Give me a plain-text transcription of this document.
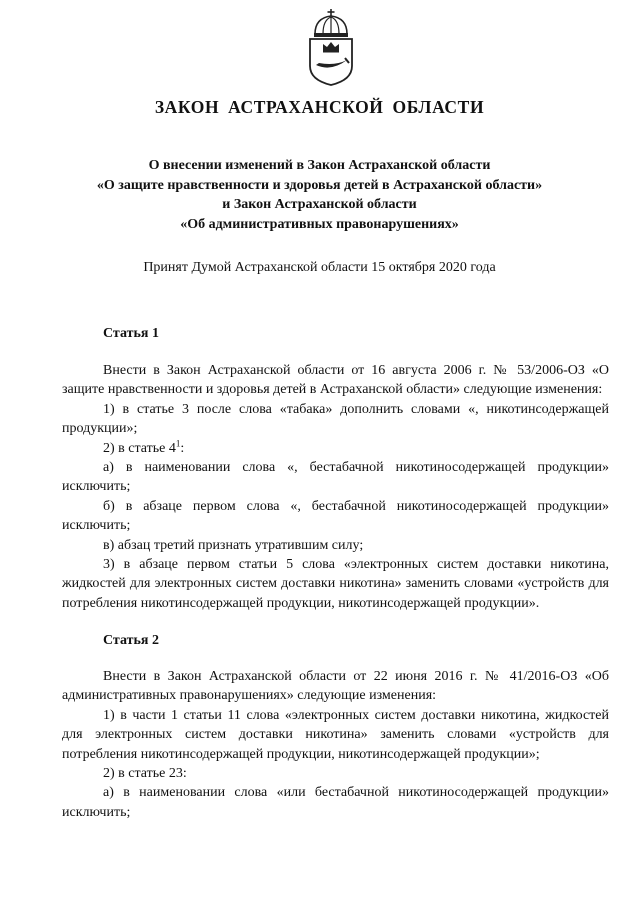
ЗАКОН АСТРАХАНСКОЙ ОБЛАСТИ
О внесении изменений в Закон Астраханской области
«О защите нравственности и здоровья детей в Астраханской области»
и Закон Астраханской области
«Об административных правонарушениях»
Принят Думой Астраханской области 15 октября 2020 года
Статья 1

Внести в Закон Астраханской области от 16 августа 2006 г. № 53/2006-ОЗ «О защите нравственности и здоровья детей в Астраханской области» следующие изменения:

1) в статье 3 после слова «табака» дополнить словами «, никотинсодержащей продукции»;

2) в статье $4^1$:

а) в наименовании слова «, бестабачной никотиносодержащей продукции» исключить;

б) в абзаце первом слова «, бестабачной никотиносодержащей продукции» исключить;

в) абзац третий признать утратившим силу;

3) в абзаце первом статьи 5 слова «электронных систем доставки никотина, жидкостей для электронных систем доставки никотина» заменить словами «устройств для потребления никотинсодержащей продукции, никотинсодержащей продукции».

Статья 2

Внести в Закон Астраханской области от 22 июня 2016 г. № 41/2016-ОЗ «Об административных правонарушениях» следующие изменения:

1) в части 1 статьи 11 слова «электронных систем доставки никотина, жидкостей для электронных систем доставки никотина» заменить словами «устройств для потребления никотинсодержащей продукции, никотинсодержащей продукции»;

2) в статье 23:

а) в наименовании слова «или бестабачной никотиносодержащей продукции» исключить;
